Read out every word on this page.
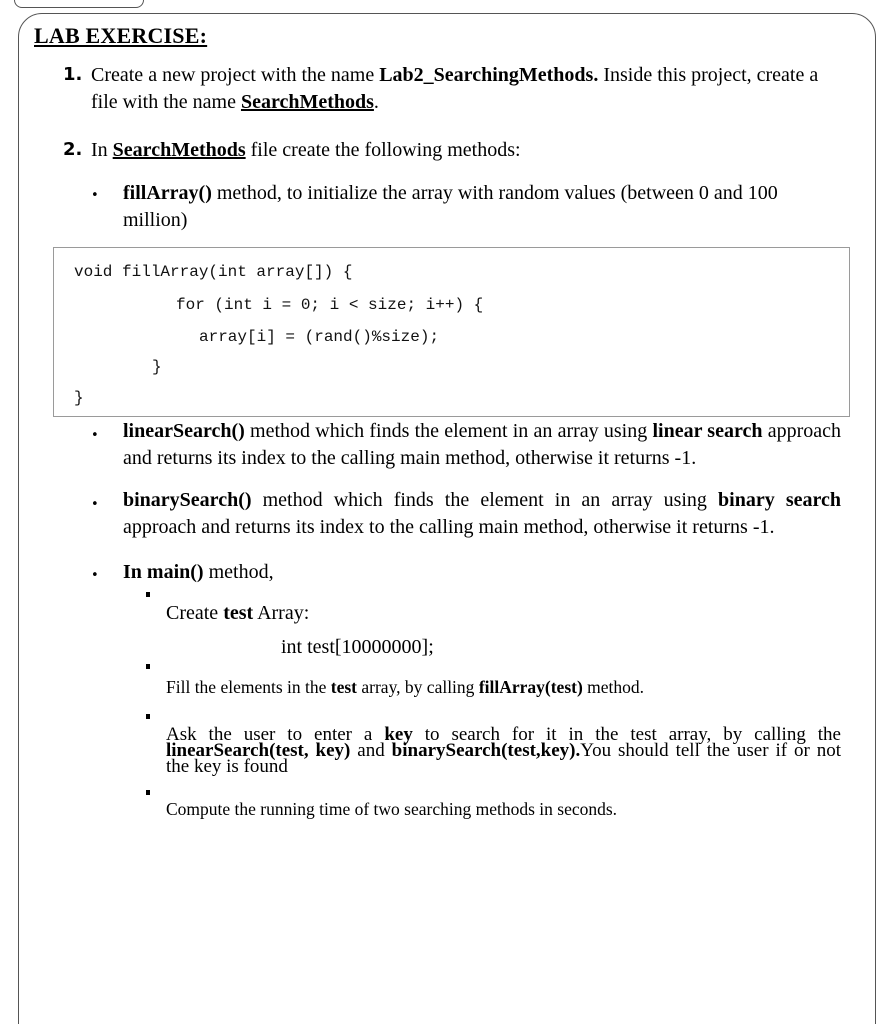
LAB EXERCISE:
1. Create a new project with the name Lab2_SearchingMethods. Inside this project, create a file with the name SearchMethods.
2. In SearchMethods file create the following methods:
• fillArray() method, to initialize the array with random values (between 0 and 100 million)
void fillArray(int array[]) {
for (int i = 0; i < size; i++) {
array[i] = (rand()%size);
}
}
• linearSearch() method which finds the element in an array using linear search approach and returns its index to the calling main method, otherwise it returns -1.
• binarySearch() method which finds the element in an array using binary search approach and returns its index to the calling main method, otherwise it returns -1.
• In main() method,
Create test Array:
int test[10000000];
Fill the elements in the test array, by calling fillArray(test) method.
Ask the user to enter a key to search for it in the test array, by calling the linearSearch(test, key) and binarySearch(test,key).You should tell the user if or not the key is found
Compute the running time of two searching methods in seconds.
